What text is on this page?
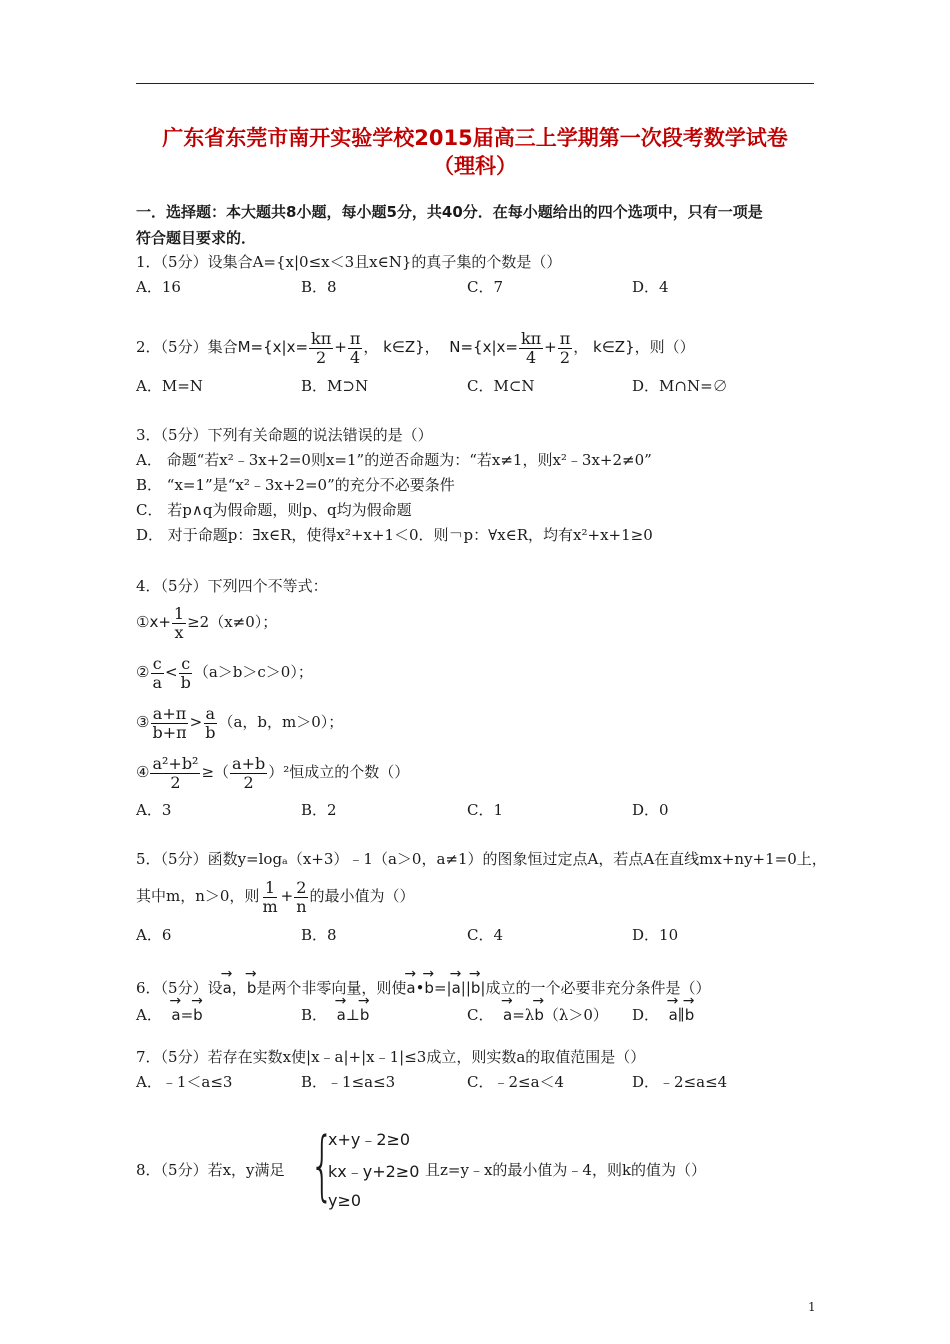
广东省东莞市南开实验学校2015届高三上学期第一次段考数学试卷
（理科）
一．选择题：本大题共8小题，每小题5分，共40分．在每小题给出的四个选项中，只有一项是
符合题目要求的．
1．（5分）设集合A={x|0≤x＜3且x∈N}的真子集的个数是（）
A．16	B．8	C．7	D．4
2．（5分）集合$M=\{x|x= \frac{k\pi}{2} + \frac{\pi}{4}$ ， k∈Z}， $N=\{x|x= \frac{k\pi}{4} + \frac{\pi}{2}$ ， k∈Z}，则（）
A．M=N	B．M⊃N	C．M⊂N	D．M∩N=∅
3．（5分）下列有关命题的说法错误的是（）
A． 命题“若x²﹣3x+2=0则x=1”的逆否命题为：“若x≠1，则x²﹣3x+2≠0”
B． “x=1”是“x²﹣3x+2=0”的充分不必要条件
C． 若p∧q为假命题，则p、q均为假命题
D． 对于命题p：∃x∈R，使得x²+x+1＜0．则￢p：∀x∈R，均有x²+x+1≥0
4．（5分）下列四个不等式：
①x+ $\frac{1}{x} \ge 2(x\ne 0)$；
② $\frac{c}{a} < \frac{c}{b} (a>b>c>0)$；
③ $\frac{a+\pi}{b+\pi} > \frac{a}{b} (a$，b，m＞0）；
④ $\frac{\text{a²+b²}}{2}$ ≥（ $\frac{a+b}{2} )^2$恒成立的个数（）
A．3	B．2	C．1	D．0
5．（5分）函数y=logₐ（x+3）﹣1（a＞0，a≠1）的图象恒过定点A，若点A在直线mx+ny+1=0上，
其中m，n＞0，则 $\frac{1}{m} + \frac{2}{n}$ 的最小值为（）
A．6	B．8	C．4	D．10
6．（5分）设→ a，→ b是两个非零向量，则使→ a•→ b=|→ a||→ b|成立的一个必要非充分条件是（）
A． → a=→ b	B． → a⊥→ b	C． → a=λ→ b（λ＞0） D． → a∥→ b
7．（5分）若存在实数x使|x﹣a|+|x﹣1|≤3成立，则实数a的取值范围是（）
A．﹣1＜a≤3	B．﹣1≤a≤3	C．﹣2≤a＜4	D．﹣2≤a≤4
8．（5分）若x，y满足 {
x+y﹣2≥0
kx﹣y+2≥0
y≥0
且z=y﹣x的最小值为﹣4，则k的值为（）
1
